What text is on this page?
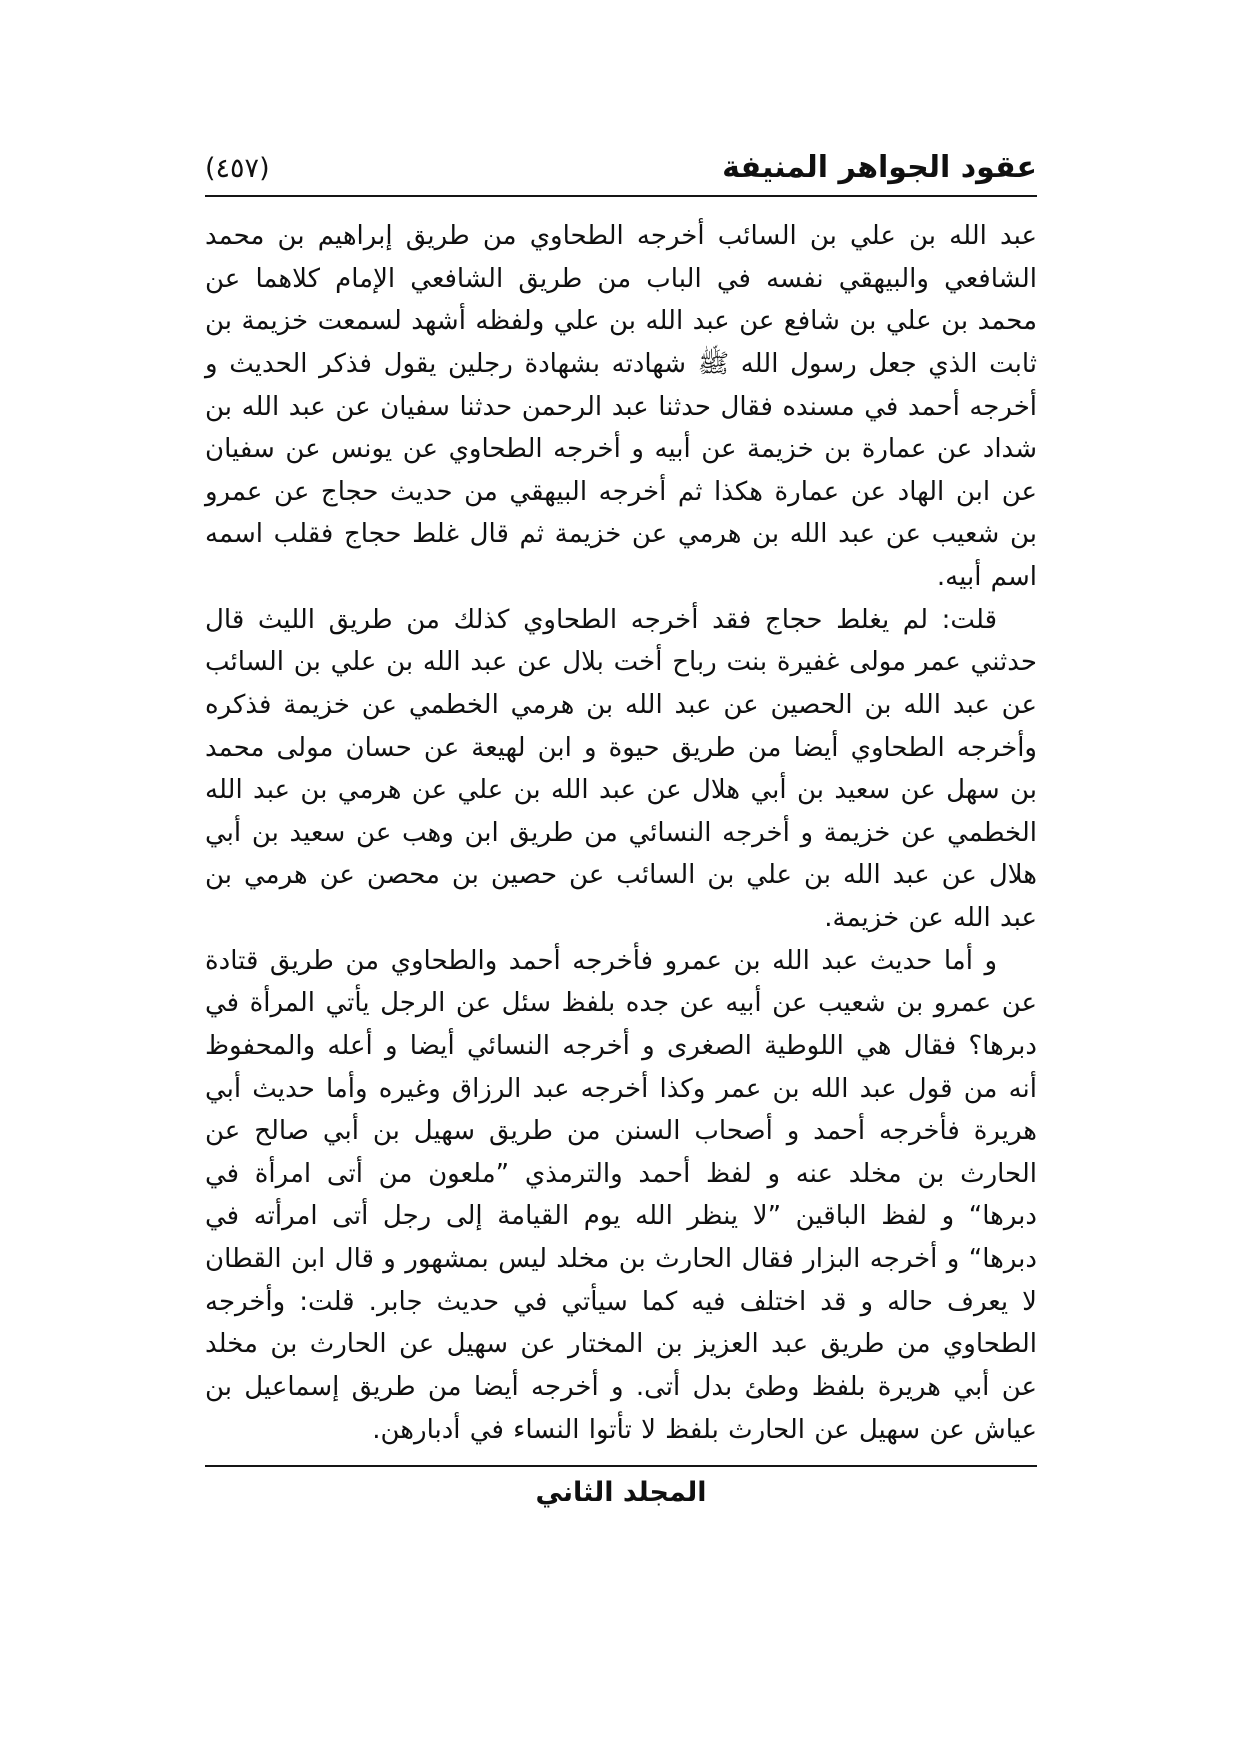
عقود الجواهر المنيفة
(٤٥٧)

عبد الله بن علي بن السائب أخرجه الطحاوي من طريق إبراهيم بن محمد الشافعي والبيهقي نفسه في الباب من طريق الشافعي الإمام كلاهما عن محمد بن علي بن شافع عن عبد الله بن علي ولفظه أشهد لسمعت خزيمة بن ثابت الذي جعل رسول الله ﷺ شهادته بشهادة رجلين يقول فذكر الحديث و أخرجه أحمد في مسنده فقال حدثنا عبد الرحمن حدثنا سفيان عن عبد الله بن شداد عن عمارة بن خزيمة عن أبيه و أخرجه الطحاوي عن يونس عن سفيان عن ابن الهاد عن عمارة هكذا ثم أخرجه البيهقي من حديث حجاج عن عمرو بن شعيب عن عبد الله بن هرمي عن خزيمة ثم قال غلط حجاج فقلب اسمه اسم أبيه.

قلت: لم يغلط حجاج فقد أخرجه الطحاوي كذلك من طريق الليث قال حدثني عمر مولى غفيرة بنت رباح أخت بلال عن عبد الله بن علي بن السائب عن عبد الله بن الحصين عن عبد الله بن هرمي الخطمي عن خزيمة فذكره وأخرجه الطحاوي أيضا من طريق حيوة و ابن لهيعة عن حسان مولى محمد بن سهل عن سعيد بن أبي هلال عن عبد الله بن علي عن هرمي بن عبد الله الخطمي عن خزيمة و أخرجه النسائي من طريق ابن وهب عن سعيد بن أبي هلال عن عبد الله بن علي بن السائب عن حصين بن محصن عن هرمي بن عبد الله عن خزيمة.

و أما حديث عبد الله بن عمرو فأخرجه أحمد والطحاوي من طريق قتادة عن عمرو بن شعيب عن أبيه عن جده بلفظ سئل عن الرجل يأتي المرأة في دبرها؟ فقال هي اللوطية الصغرى و أخرجه النسائي أيضا و أعله والمحفوظ أنه من قول عبد الله بن عمر وكذا أخرجه عبد الرزاق وغيره وأما حديث أبي هريرة فأخرجه أحمد و أصحاب السنن من طريق سهيل بن أبي صالح عن الحارث بن مخلد عنه و لفظ أحمد والترمذي ”ملعون من أتى امرأة في دبرها“ و لفظ الباقين ”لا ينظر الله يوم القيامة إلى رجل أتى امرأته في دبرها“ و أخرجه البزار فقال الحارث بن مخلد ليس بمشهور و قال ابن القطان لا يعرف حاله و قد اختلف فيه كما سيأتي في حديث جابر. قلت: وأخرجه الطحاوي من طريق عبد العزيز بن المختار عن سهيل عن الحارث بن مخلد عن أبي هريرة بلفظ وطئ بدل أتى. و أخرجه أيضا من طريق إسماعيل بن عياش عن سهيل عن الحارث بلفظ لا تأتوا النساء في أدبارهن.

المجلد الثاني
